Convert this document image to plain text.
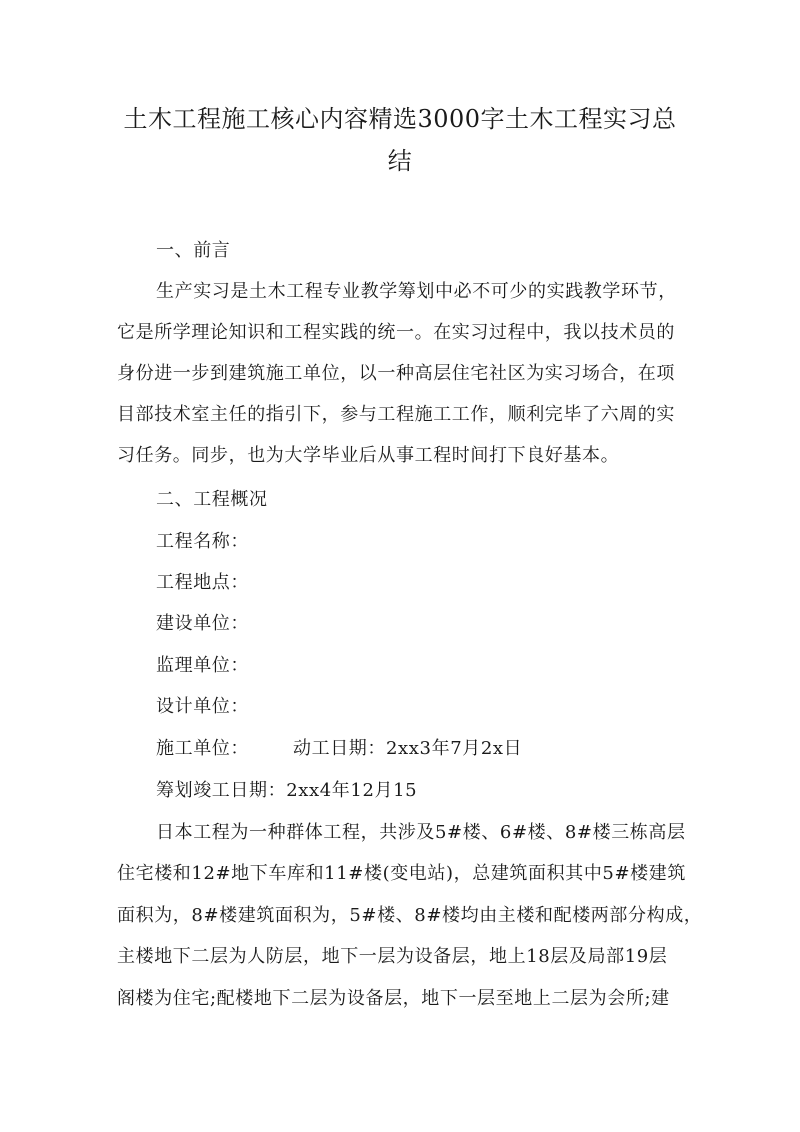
土木工程施工核心内容精选3000字土木工程实习总
结
一、前言
生产实习是土木工程专业教学筹划中必不可少的实践教学环节，
它是所学理论知识和工程实践的统一。在实习过程中，我以技术员的
身份进一步到建筑施工单位，以一种高层住宅社区为实习场合，在项
目部技术室主任的指引下，参与工程施工工作，顺利完毕了六周的实
习任务。同步，也为大学毕业后从事工程时间打下良好基本。
二、工程概况
工程名称：
工程地点：
建设单位：
监理单位：
设计单位：
施工单位： 动工日期：2xx3年7月2x日
筹划竣工日期：2xx4年12月15
日本工程为一种群体工程，共涉及5#楼、6#楼、8#楼三栋高层
住宅楼和12#地下车库和11#楼(变电站)，总建筑面积其中5#楼建筑
面积为，8#楼建筑面积为，5#楼、8#楼均由主楼和配楼两部分构成，
主楼地下二层为人防层，地下一层为设备层，地上18层及局部19层
阁楼为住宅;配楼地下二层为设备层，地下一层至地上二层为会所;建
